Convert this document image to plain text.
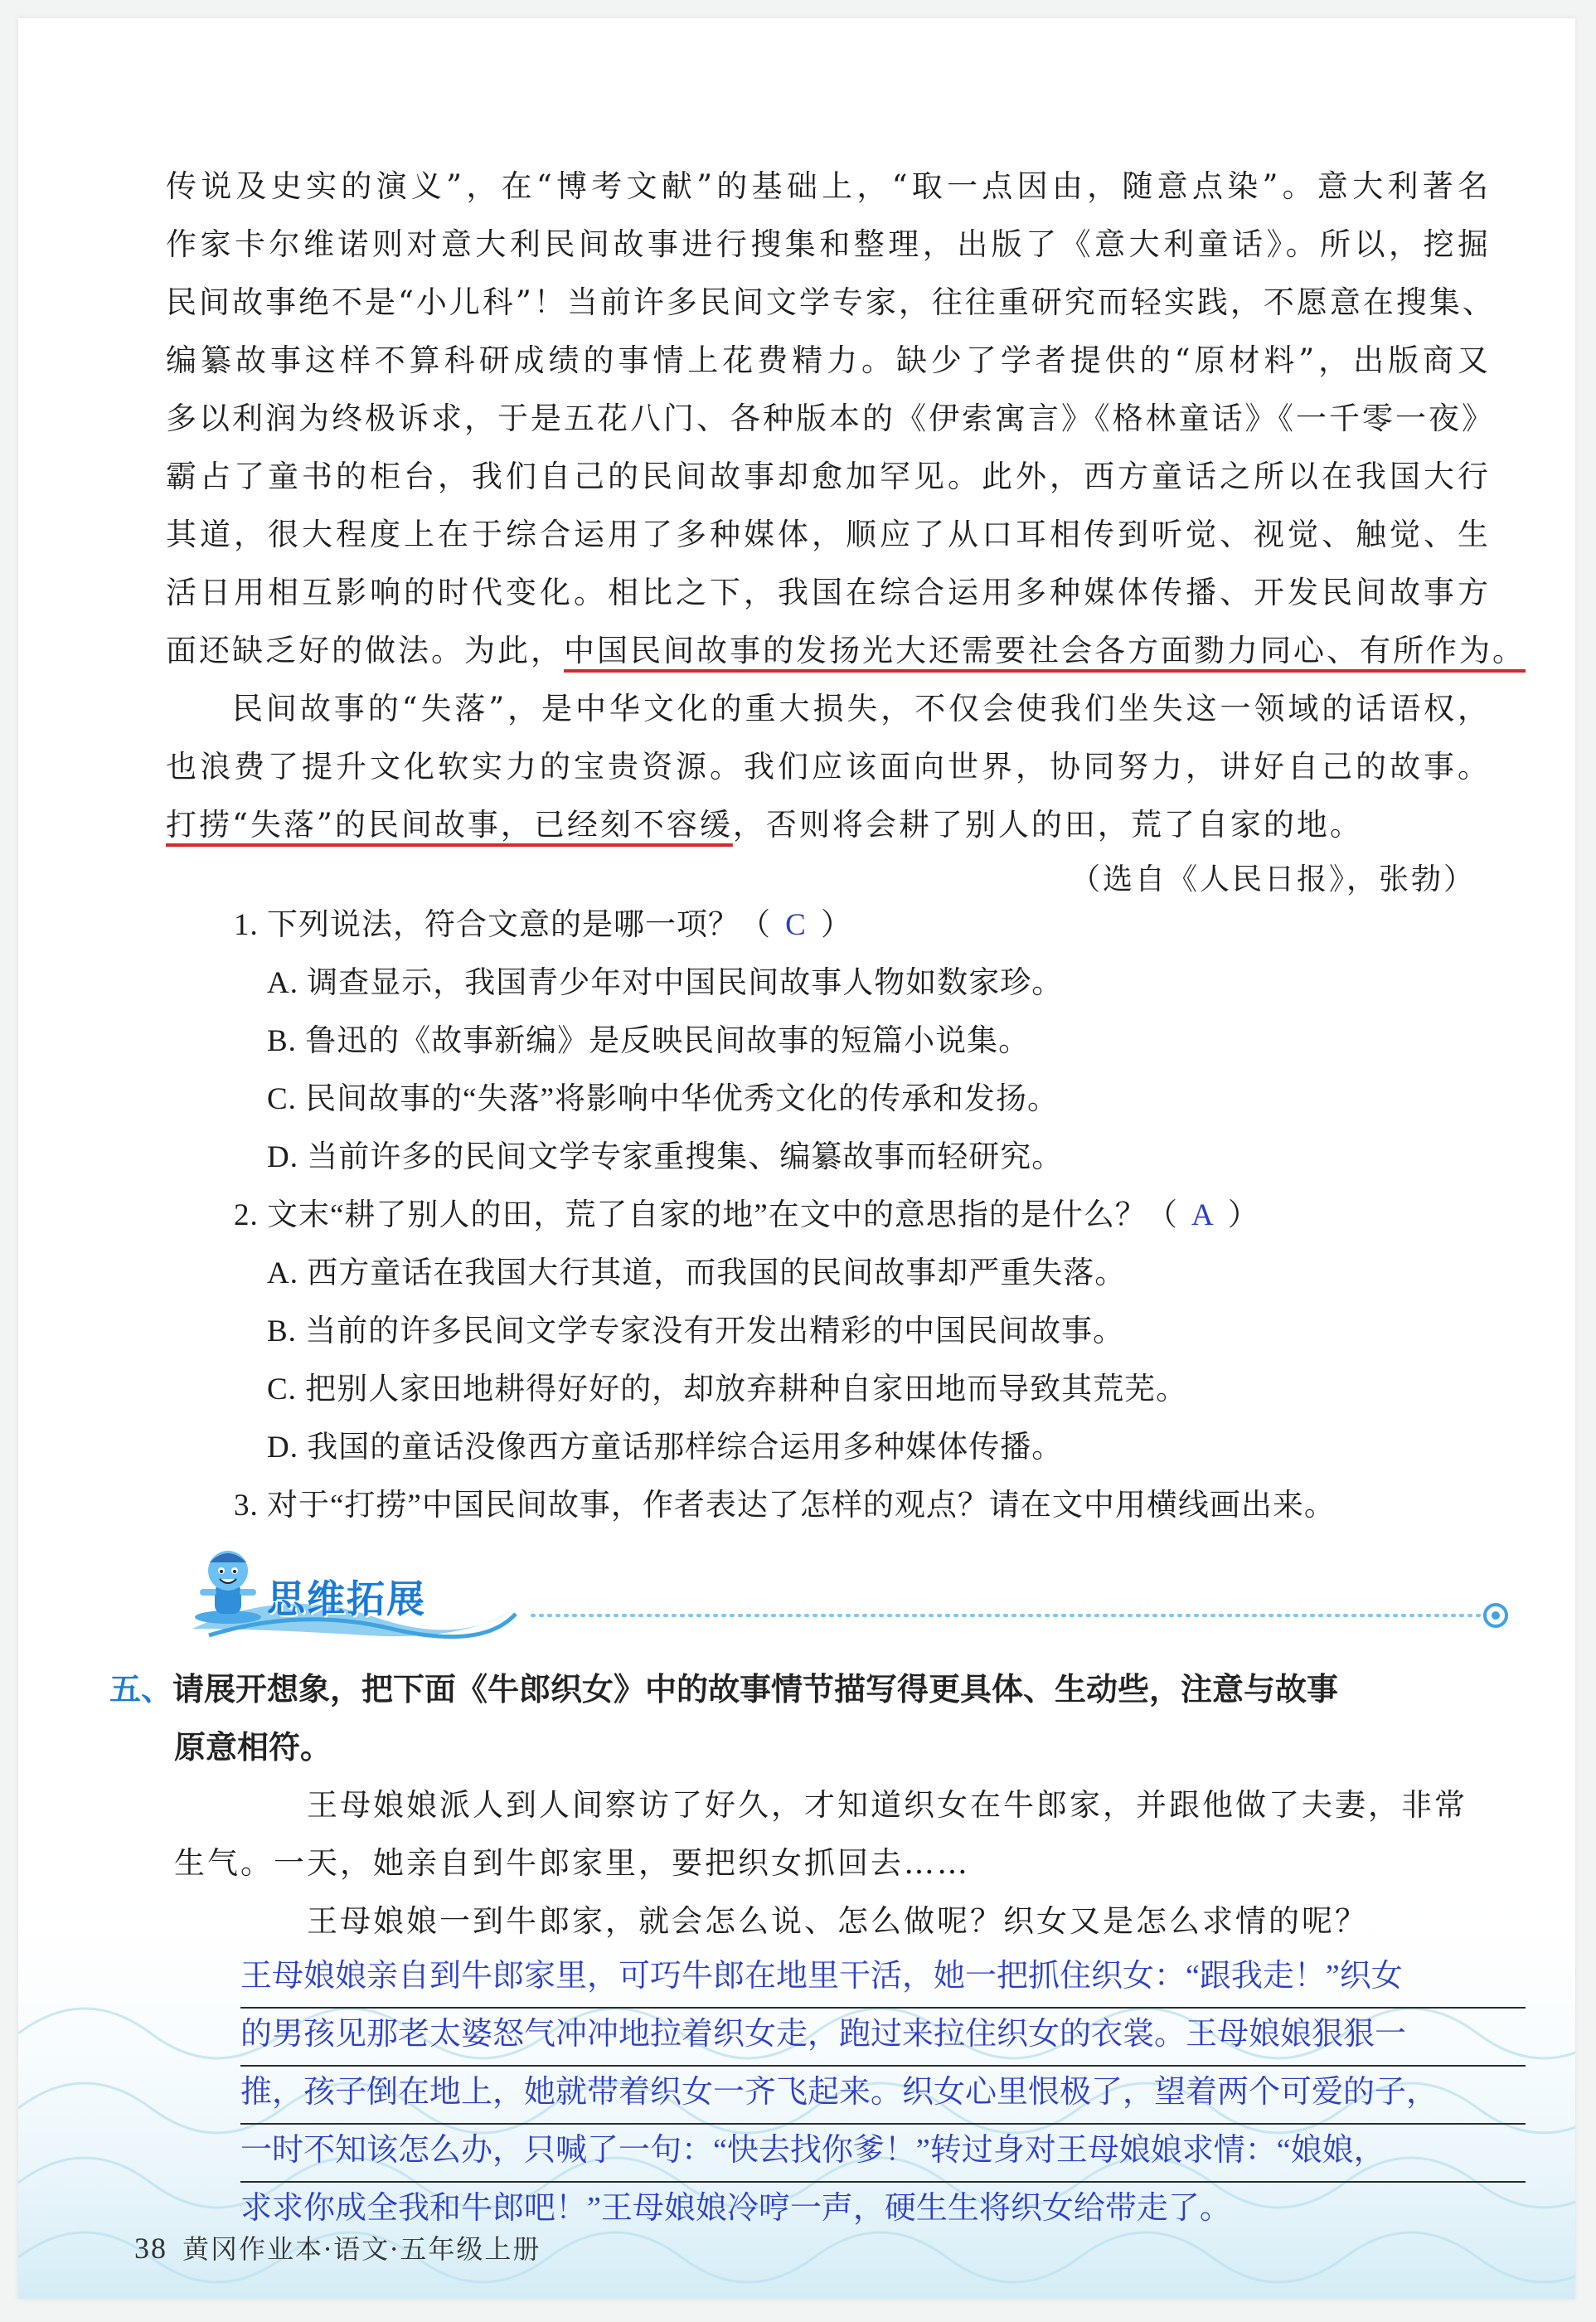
传说及史实的演义”，在“博考文献”的基础上，“取一点因由，随意点染”。意大利著名
作家卡尔维诺则对意大利民间故事进行搜集和整理，出版了《意大利童话》。所以，挖掘
民间故事绝不是“小儿科”！当前许多民间文学专家，往往重研究而轻实践，不愿意在搜集、
编纂故事这样不算科研成绩的事情上花费精力。缺少了学者提供的“原材料”，出版商又
多以利润为终极诉求，于是五花八门、各种版本的《伊索寓言》《格林童话》《一千零一夜》
霸占了童书的柜台，我们自己的民间故事却愈加罕见。此外，西方童话之所以在我国大行
其道，很大程度上在于综合运用了多种媒体，顺应了从口耳相传到听觉、视觉、触觉、生
活日用相互影响的时代变化。相比之下，我国在综合运用多种媒体传播、开发民间故事方
面还缺乏好的做法。为此，中国民间故事的发扬光大还需要社会各方面勠力同心、有所作为。
民间故事的“失落”，是中华文化的重大损失，不仅会使我们坐失这一领域的话语权，
也浪费了提升文化软实力的宝贵资源。我们应该面向世界，协同努力，讲好自己的故事。
打捞“失落”的民间故事，已经刻不容缓，否则将会耕了别人的田，荒了自家的地。
（选自《人民日报》，张勃）
1. 下列说法，符合文意的是哪一项？（ C ）
A. 调查显示，我国青少年对中国民间故事人物如数家珍。
B. 鲁迅的《故事新编》是反映民间故事的短篇小说集。
C. 民间故事的“失落”将影响中华优秀文化的传承和发扬。
D. 当前许多的民间文学专家重搜集、编纂故事而轻研究。
2. 文末“耕了别人的田，荒了自家的地”在文中的意思指的是什么？（ A ）
A. 西方童话在我国大行其道，而我国的民间故事却严重失落。
B. 当前的许多民间文学专家没有开发出精彩的中国民间故事。
C. 把别人家田地耕得好好的，却放弃耕种自家田地而导致其荒芜。
D. 我国的童话没像西方童话那样综合运用多种媒体传播。
3. 对于“打捞”中国民间故事，作者表达了怎样的观点？请在文中用横线画出来。
思维拓展
五、请展开想象，把下面《牛郎织女》中的故事情节描写得更具体、生动些，注意与故事
原意相符。
王母娘娘派人到人间察访了好久，才知道织女在牛郎家，并跟他做了夫妻，非常
生气。一天，她亲自到牛郎家里，要把织女抓回去……
王母娘娘一到牛郎家，就会怎么说、怎么做呢？织女又是怎么求情的呢？
王母娘娘亲自到牛郎家里，可巧牛郎在地里干活，她一把抓住织女：“跟我走！”织女
的男孩见那老太婆怒气冲冲地拉着织女走，跑过来拉住织女的衣裳。王母娘娘狠狠一
推，孩子倒在地上，她就带着织女一齐飞起来。织女心里恨极了，望着两个可爱的子，
一时不知该怎么办，只喊了一句：“快去找你爹！”转过身对王母娘娘求情：“娘娘，
求求你成全我和牛郎吧！”王母娘娘冷哼一声，硬生生将织女给带走了。
38 黄冈作业本·语文·五年级上册
